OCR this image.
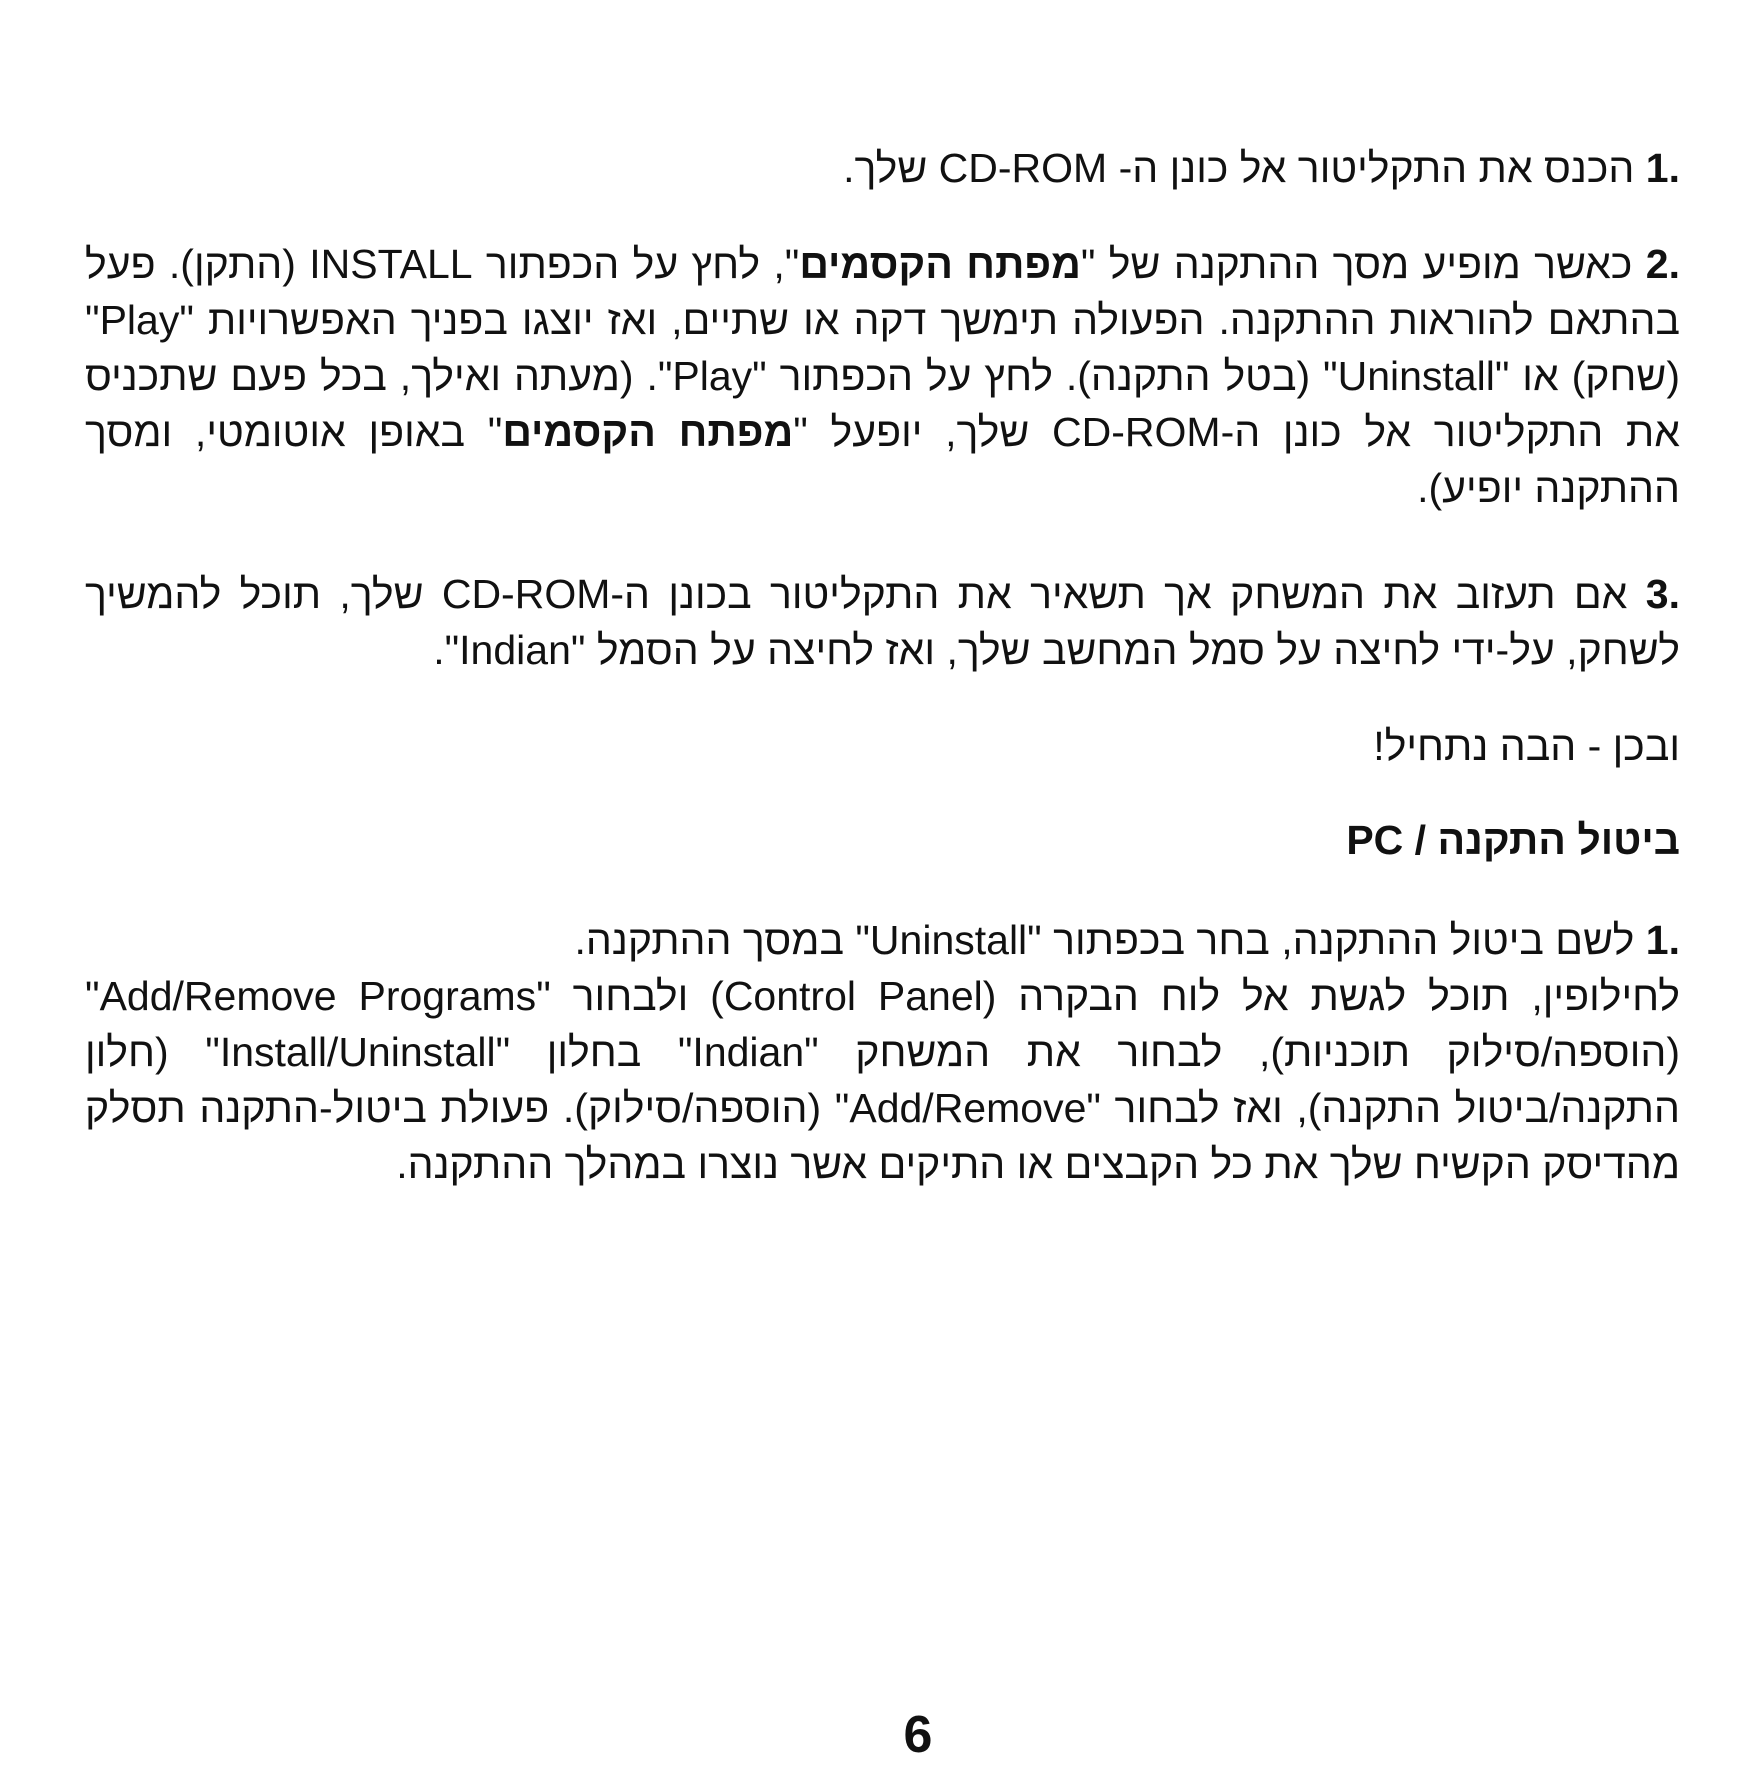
.1 הכנס את התקליטור אל כונן ה- CD-ROM שלך.

.2 כאשר מופיע מסך ההתקנה של "מפתח הקסמים", לחץ על הכפתור INSTALL (התקן). פעל בהתאם להוראות ההתקנה. הפעולה תימשך דקה או שתיים, ואז יוצגו בפניך האפשרויות "Play" (שחק) או "Uninstall" (בטל התקנה). לחץ על הכפתור "Play". (מעתה ואילך, בכל פעם שתכניס את התקליטור אל כונן ה-CD-ROM שלך, יופעל "מפתח הקסמים" באופן אוטומטי, ומסך ההתקנה יופיע).

.3 אם תעזוב את המשחק אך תשאיר את התקליטור בכונן ה-CD-ROM שלך, תוכל להמשיך לשחק, על-ידי לחיצה על סמל המחשב שלך, ואז לחיצה על הסמל "Indian".

ובכן - הבה נתחיל!

ביטול התקנה / PC

.1 לשם ביטול ההתקנה, בחר בכפתור "Uninstall" במסך ההתקנה.

לחילופין, תוכל לגשת אל לוח הבקרה (Control Panel) ולבחור "Add/Remove Programs" (הוספה/סילוק תוכניות), לבחור את המשחק "Indian" בחלון "Install/Uninstall" (חלון התקנה/ביטול התקנה), ואז לבחור "Add/Remove" (הוספה/סילוק). פעולת ביטול-התקנה תסלק מהדיסק הקשיח שלך את כל הקבצים או התיקים אשר נוצרו במהלך ההתקנה.

6
